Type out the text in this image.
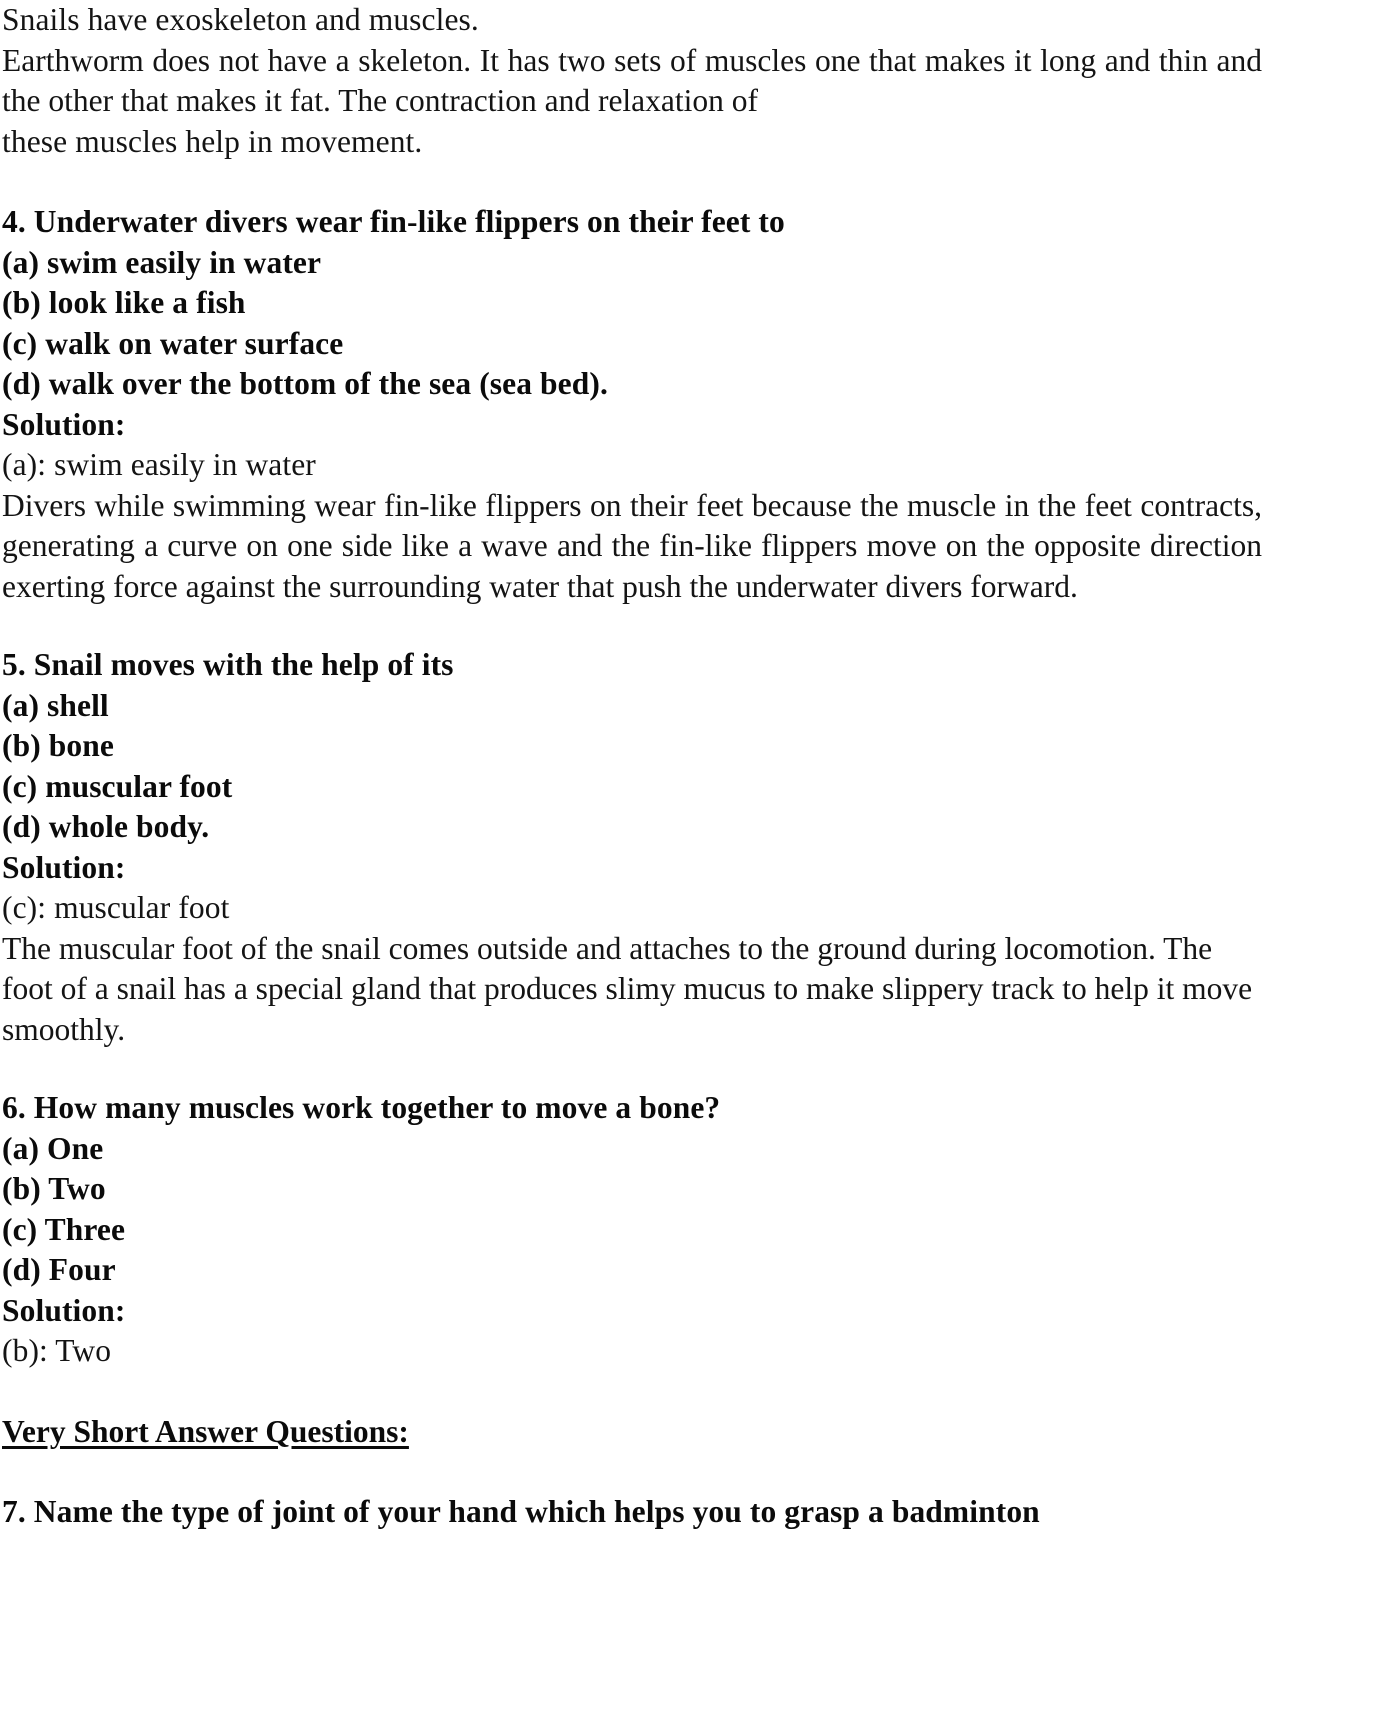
Snails have exoskeleton and muscles.
Earthworm does not have a skeleton. It has two sets of muscles one that makes it long and thin and the other that makes it fat. The contraction and relaxation of
these muscles help in movement.
4. Underwater divers wear fin-like flippers on their feet to
(a) swim easily in water
(b) look like a fish
(c) walk on water surface
(d) walk over the bottom of the sea (sea bed).
Solution:
(a): swim easily in water
Divers while swimming wear fin-like flippers on their feet because the muscle in the feet contracts, generating a curve on one side like a wave and the fin-like flippers move on the opposite direction exerting force against the surrounding water that push the underwater divers forward.
5. Snail moves with the help of its
(a) shell
(b) bone
(c) muscular foot
(d) whole body.
Solution:
(c): muscular foot
The muscular foot of the snail comes outside and attaches to the ground during locomotion. The foot of a snail has a special gland that produces slimy mucus to make slippery track to help it move smoothly.
6. How many muscles work together to move a bone?
(a) One
(b) Two
(c) Three
(d) Four
Solution:
(b): Two
Very Short Answer Questions:
7. Name the type of joint of your hand which helps you to grasp a badminton
